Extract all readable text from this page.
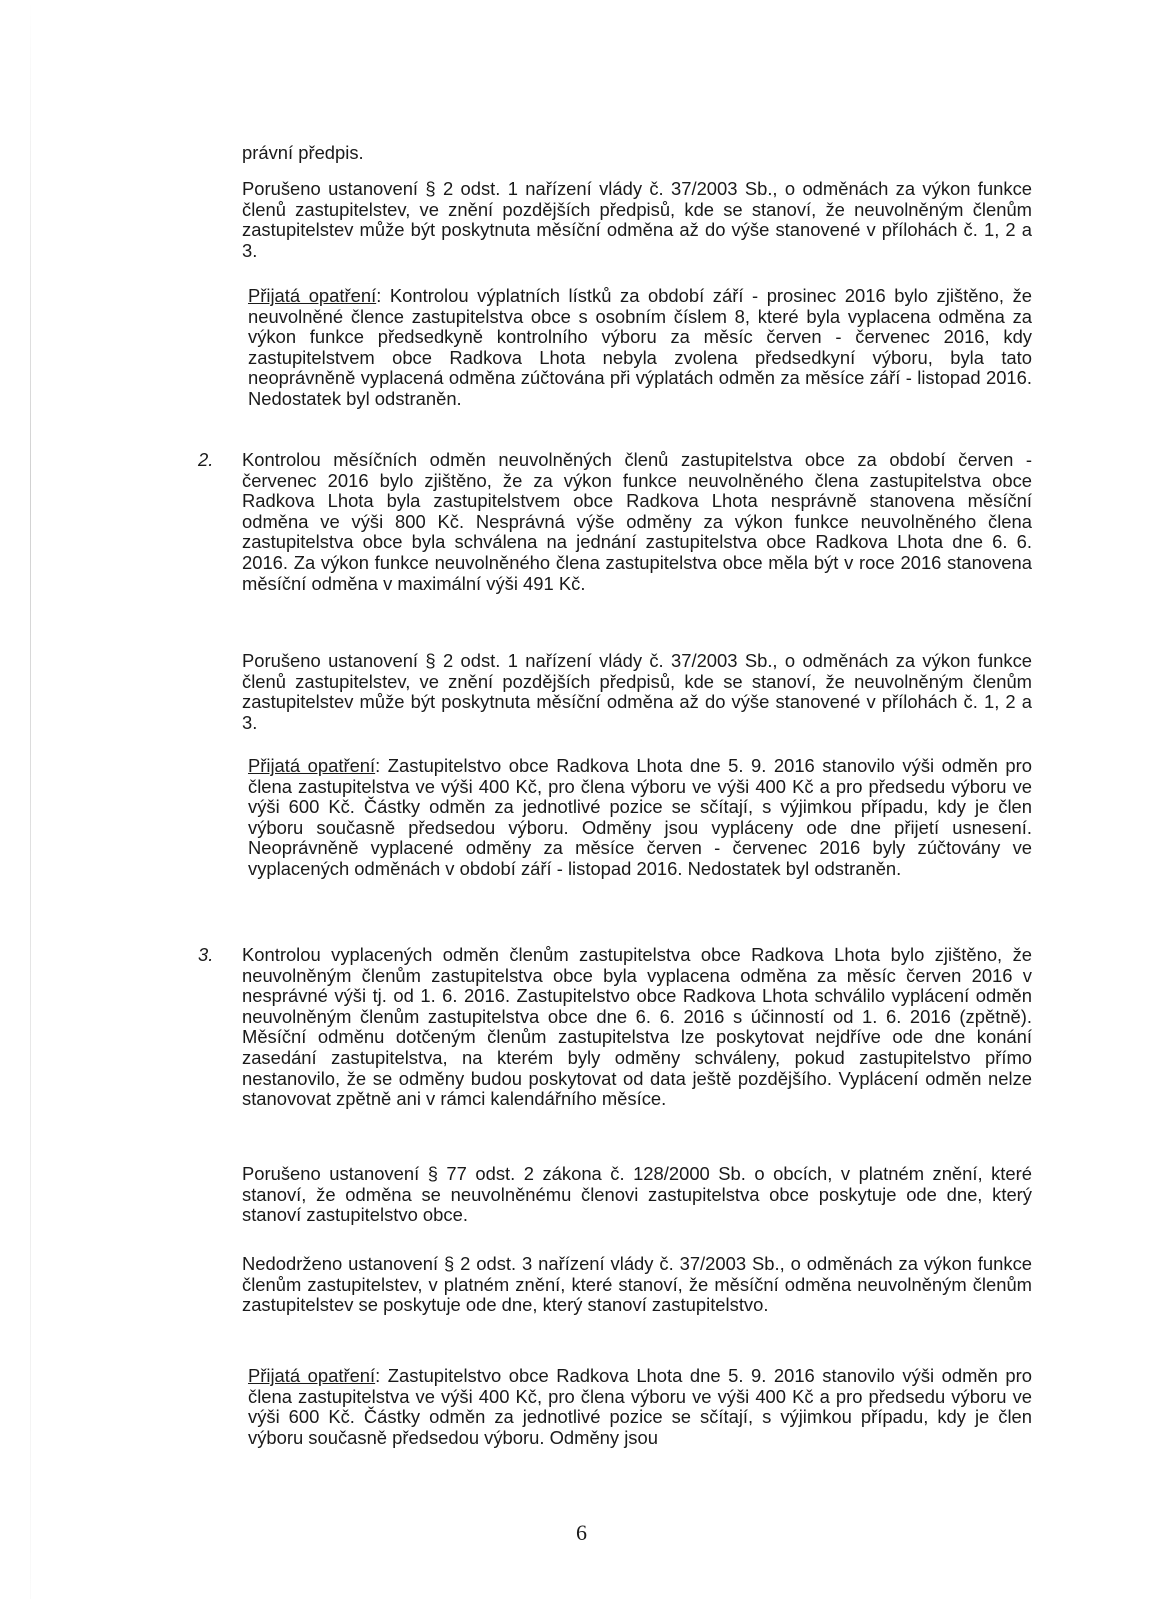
právní předpis.

Porušeno ustanovení § 2 odst. 1 nařízení vlády č. 37/2003 Sb., o odměnách za výkon funkce členů zastupitelstev, ve znění pozdějších předpisů, kde se stanoví, že neuvolněným členům zastupitelstev může být poskytnuta měsíční odměna až do výše stanovené v přílohách č. 1, 2 a 3.

Přijatá opatření: Kontrolou výplatních lístků za období září - prosinec 2016 bylo zjištěno, že neuvolněné člence zastupitelstva obce s osobním číslem 8, které byla vyplacena odměna za výkon funkce předsedkyně kontrolního výboru za měsíc červen - červenec 2016, kdy zastupitelstvem obce Radkova Lhota nebyla zvolena předsedkyní výboru, byla tato neoprávněně vyplacená odměna zúčtována při výplatách odměn za měsíce září - listopad 2016. Nedostatek byl odstraněn.

2. Kontrolou měsíčních odměn neuvolněných členů zastupitelstva obce za období červen - červenec 2016 bylo zjištěno, že za výkon funkce neuvolněného člena zastupitelstva obce Radkova Lhota byla zastupitelstvem obce Radkova Lhota nesprávně stanovena měsíční odměna ve výši 800 Kč. Nesprávná výše odměny za výkon funkce neuvolněného člena zastupitelstva obce byla schválena na jednání zastupitelstva obce Radkova Lhota dne 6. 6. 2016. Za výkon funkce neuvolněného člena zastupitelstva obce měla být v roce 2016 stanovena měsíční odměna v maximální výši 491 Kč.

Porušeno ustanovení § 2 odst. 1 nařízení vlády č. 37/2003 Sb., o odměnách za výkon funkce členů zastupitelstev, ve znění pozdějších předpisů, kde se stanoví, že neuvolněným členům zastupitelstev může být poskytnuta měsíční odměna až do výše stanovené v přílohách č. 1, 2 a 3.

Přijatá opatření: Zastupitelstvo obce Radkova Lhota dne 5. 9. 2016 stanovilo výši odměn pro člena zastupitelstva ve výši 400 Kč, pro člena výboru ve výši 400 Kč a pro předsedu výboru ve výši 600 Kč. Částky odměn za jednotlivé pozice se sčítají, s výjimkou případu, kdy je člen výboru současně předsedou výboru. Odměny jsou vypláceny ode dne přijetí usnesení. Neoprávněně vyplacené odměny za měsíce červen - červenec 2016 byly zúčtovány ve vyplacených odměnách v období září - listopad 2016. Nedostatek byl odstraněn.

3. Kontrolou vyplacených odměn členům zastupitelstva obce Radkova Lhota bylo zjištěno, že neuvolněným členům zastupitelstva obce byla vyplacena odměna za měsíc červen 2016 v nesprávné výši tj. od 1. 6. 2016. Zastupitelstvo obce Radkova Lhota schválilo vyplácení odměn neuvolněným členům zastupitelstva obce dne 6. 6. 2016 s účinností od 1. 6. 2016 (zpětně). Měsíční odměnu dotčeným členům zastupitelstva lze poskytovat nejdříve ode dne konání zasedání zastupitelstva, na kterém byly odměny schváleny, pokud zastupitelstvo přímo nestanovilo, že se odměny budou poskytovat od data ještě pozdějšího. Vyplácení odměn nelze stanovovat zpětně ani v rámci kalendářního měsíce.

Porušeno ustanovení § 77 odst. 2 zákona č. 128/2000 Sb. o obcích, v platném znění, které stanoví, že odměna se neuvolněnému členovi zastupitelstva obce poskytuje ode dne, který stanoví zastupitelstvo obce.

Nedodrženo ustanovení § 2 odst. 3 nařízení vlády č. 37/2003 Sb., o odměnách za výkon funkce členům zastupitelstev, v platném znění, které stanoví, že měsíční odměna neuvolněným členům zastupitelstev se poskytuje ode dne, který stanoví zastupitelstvo.

Přijatá opatření: Zastupitelstvo obce Radkova Lhota dne 5. 9. 2016 stanovilo výši odměn pro člena zastupitelstva ve výši 400 Kč, pro člena výboru ve výši 400 Kč a pro předsedu výboru ve výši 600 Kč. Částky odměn za jednotlivé pozice se sčítají, s výjimkou případu, kdy je člen výboru současně předsedou výboru. Odměny jsou

6
